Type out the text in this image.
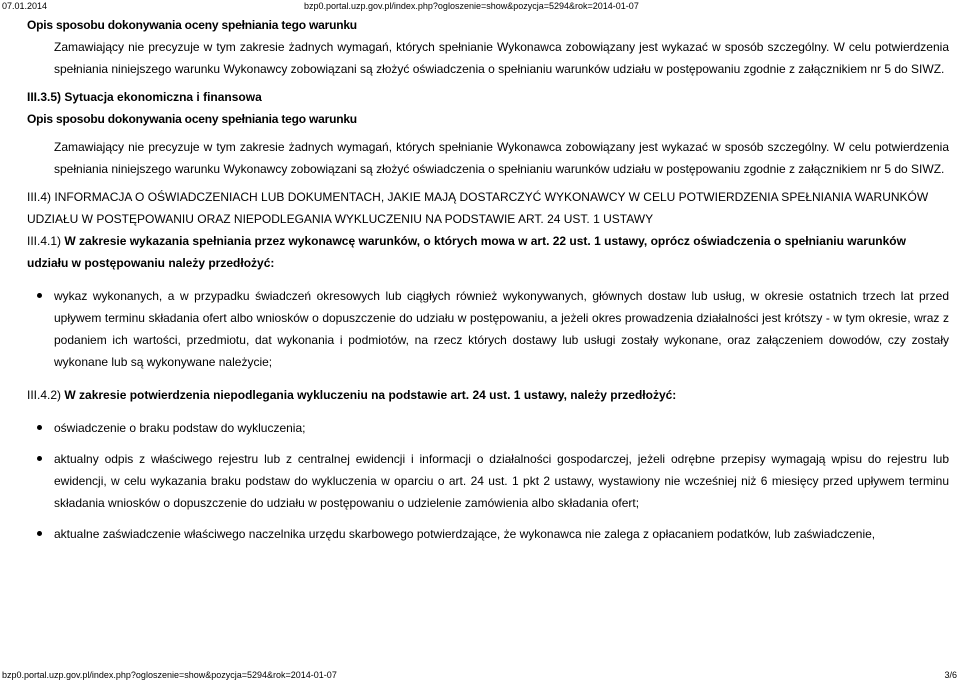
07.01.2014	bzp0.portal.uzp.gov.pl/index.php?ogloszenie=show&pozycja=5294&rok=2014-01-07

Opis sposobu dokonywania oceny spełniania tego warunku

Zamawiający nie precyzuje w tym zakresie żadnych wymagań, których spełnianie Wykonawca zobowiązany jest wykazać w sposób szczególny. W celu potwierdzenia spełniania niniejszego warunku Wykonawcy zobowiązani są złożyć oświadczenia o spełnianiu warunków udziału w postępowaniu zgodnie z załącznikiem nr 5 do SIWZ.

III.3.5) Sytuacja ekonomiczna i finansowa

Opis sposobu dokonywania oceny spełniania tego warunku

Zamawiający nie precyzuje w tym zakresie żadnych wymagań, których spełnianie Wykonawca zobowiązany jest wykazać w sposób szczególny. W celu potwierdzenia spełniania niniejszego warunku Wykonawcy zobowiązani są złożyć oświadczenia o spełnianiu warunków udziału w postępowaniu zgodnie z załącznikiem nr 5 do SIWZ.

III.4) INFORMACJA O OŚWIADCZENIACH LUB DOKUMENTACH, JAKIE MAJĄ DOSTARCZYĆ WYKONAWCY W CELU POTWIERDZENIA SPEŁNIANIA WARUNKÓW UDZIAŁU W POSTĘPOWANIU ORAZ NIEPODLEGANIA WYKLUCZENIU NA PODSTAWIE ART. 24 UST. 1 USTAWY

III.4.1) W zakresie wykazania spełniania przez wykonawcę warunków, o których mowa w art. 22 ust. 1 ustawy, oprócz oświadczenia o spełnianiu warunków udziału w postępowaniu należy przedłożyć:

wykaz wykonanych, a w przypadku świadczeń okresowych lub ciągłych również wykonywanych, głównych dostaw lub usług, w okresie ostatnich trzech lat przed upływem terminu składania ofert albo wniosków o dopuszczenie do udziału w postępowaniu, a jeżeli okres prowadzenia działalności jest krótszy - w tym okresie, wraz z podaniem ich wartości, przedmiotu, dat wykonania i podmiotów, na rzecz których dostawy lub usługi zostały wykonane, oraz załączeniem dowodów, czy zostały wykonane lub są wykonywane należycie;

III.4.2) W zakresie potwierdzenia niepodlegania wykluczeniu na podstawie art. 24 ust. 1 ustawy, należy przedłożyć:

oświadczenie o braku podstaw do wykluczenia;
aktualny odpis z właściwego rejestru lub z centralnej ewidencji i informacji o działalności gospodarczej, jeżeli odrębne przepisy wymagają wpisu do rejestru lub ewidencji, w celu wykazania braku podstaw do wykluczenia w oparciu o art. 24 ust. 1 pkt 2 ustawy, wystawiony nie wcześniej niż 6 miesięcy przed upływem terminu składania wniosków o dopuszczenie do udziału w postępowaniu o udzielenie zamówienia albo składania ofert;
aktualne zaświadczenie właściwego naczelnika urzędu skarbowego potwierdzające, że wykonawca nie zalega z opłacaniem podatków, lub zaświadczenie,
bzp0.portal.uzp.gov.pl/index.php?ogloszenie=show&pozycja=5294&rok=2014-01-07	3/6
